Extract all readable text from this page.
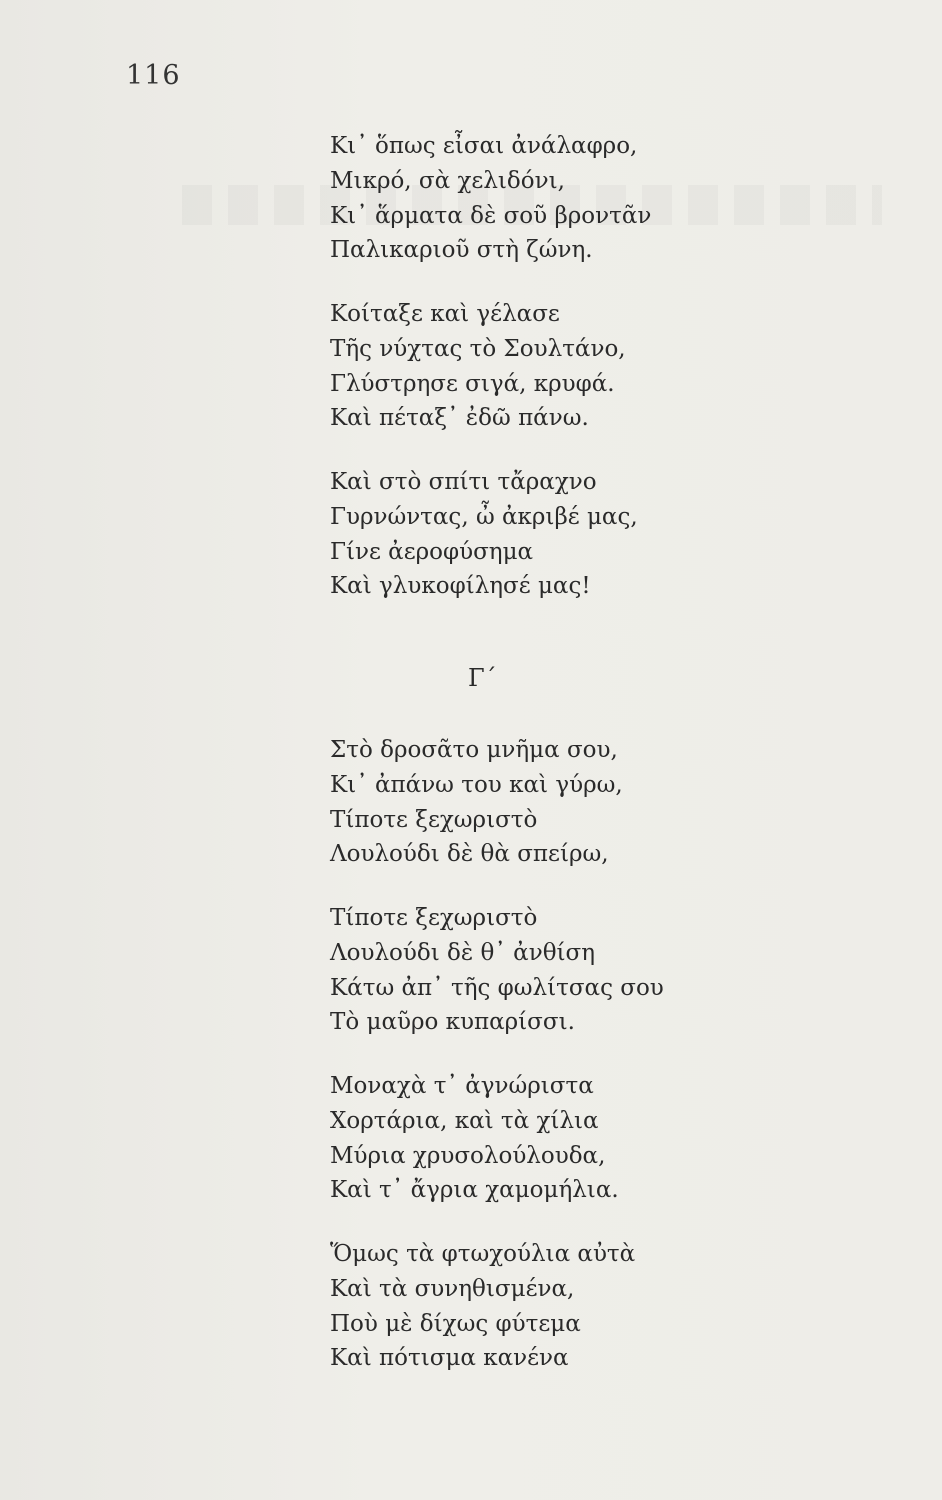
116
Κι᾽ ὅπως εἶσαι ἀνάλαφρο,
Μικρό, σὰ χελιδόνι,
Κι᾽ ἅρματα δὲ σοῦ βροντᾶν
Παλικαριοῦ στὴ ζώνη.
Κοίταξε καὶ γέλασε
Τῆς νύχτας τὸ Σουλτάνο,
Γλύστρησε σιγά, κρυφά.
Καὶ πέταξ᾽ ἐδῶ πάνω.
Καὶ στὸ σπίτι τἄραχνο
Γυρνώντας, ὦ ἀκριβέ μας,
Γίνε ἀεροφύσημα
Καὶ γλυκοφίλησέ μας!
Στὸ δροσᾶτο μνῆμα σου,
Κι᾽ ἀπάνω του καὶ γύρω,
Τίποτε ξεχωριστὸ
Λουλούδι δὲ θὰ σπείρω,
Τίποτε ξεχωριστὸ
Λουλούδι δὲ θ᾽ ἀνθίση
Κάτω ἀπ᾽ τῆς φωλίτσας σου
Τὸ μαῦρο κυπαρίσσι.
Μοναχὰ τ᾽ ἀγνώριστα
Χορτάρια, καὶ τὰ χίλια
Μύρια χρυσολούλουδα,
Καὶ τ᾽ ἄγρια χαμομήλια.
Ὅμως τὰ φτωχούλια αὐτὰ
Καὶ τὰ συνηθισμένα,
Ποὺ μὲ δίχως φύτεμα
Καὶ πότισμα κανένα
Γ΄
